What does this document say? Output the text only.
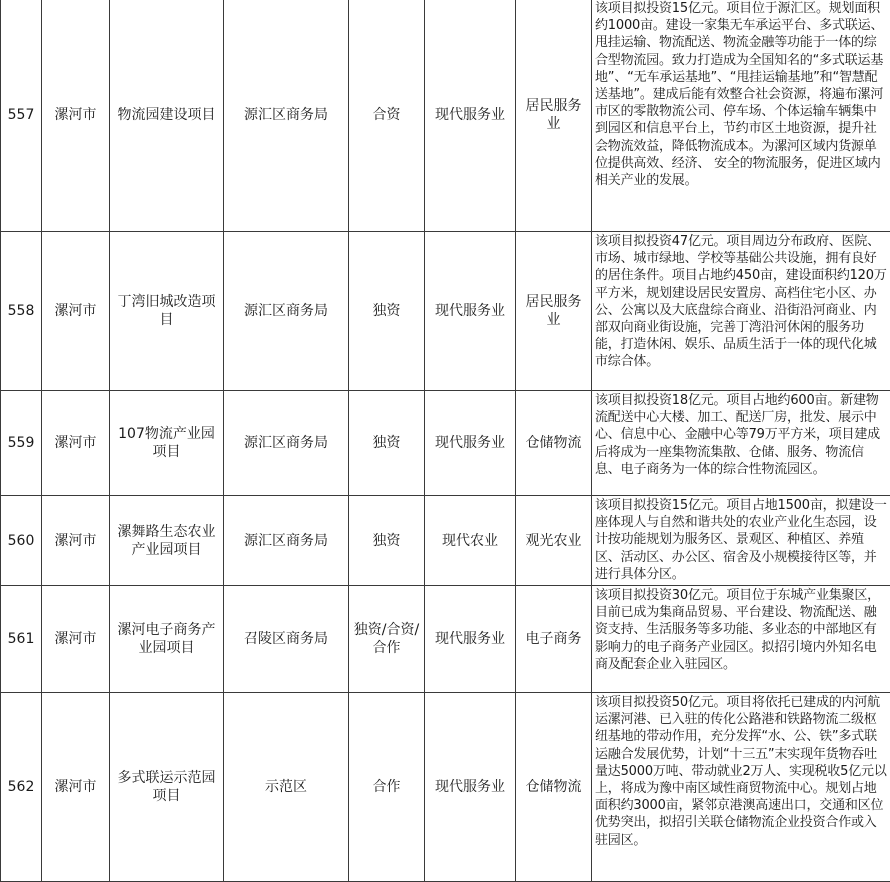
557	漯河市	物流园建设项目	源汇区商务局	合资	现代服务业	居民服务业	该项目拟投资15亿元。项目位于源汇区。规划面积约1000亩。建设一家集无车承运平台、多式联运、甩挂运输、物流配送、物流金融等功能于一体的综合型物流园。致力打造成为全国知名的“多式联运基地”、“无车承运基地”、“甩挂运输基地”和“智慧配送基地”。建成后能有效整合社会资源，将遍布漯河市区的零散物流公司、停车场、个体运输车辆集中到园区和信息平台上，节约市区土地资源，提升社会物流效益，降低物流成本。为漯河区域内货源单位提供高效、经济、 安全的物流服务，促进区域内相关产业的发展。
558	漯河市	丁湾旧城改造项目	源汇区商务局	独资	现代服务业	居民服务业	该项目拟投资47亿元。项目周边分布政府、医院、市场、城市绿地、学校等基础公共设施，拥有良好的居住条件。项目占地约450亩，建设面积约120万平方米，规划建设居民安置房、高档住宅小区、办公、公寓以及大底盘综合商业、沿街沿河商业、内部双向商业街设施，完善丁湾沿河休闲的服务功能，打造休闲、娱乐、品质生活于一体的现代化城市综合体。
559	漯河市	107物流产业园项目	源汇区商务局	独资	现代服务业	仓储物流	该项目拟投资18亿元。项目占地约600亩。新建物流配送中心大楼、加工、配送厂房，批发、展示中心、信息中心、金融中心等79万平方米，项目建成后将成为一座集物流集散、仓储、服务、物流信息、电子商务为一体的综合性物流园区。
560	漯河市	漯舞路生态农业产业园项目	源汇区商务局	独资	现代农业	观光农业	该项目拟投资15亿元。项目占地1500亩，拟建设一座体现人与自然和谐共处的农业产业化生态园，设计按功能规划为服务区、景观区、种植区、养殖区、活动区、办公区、宿舍及小规模接待区等，并进行具体分区。
561	漯河市	漯河电子商务产业园项目	召陵区商务局	独资/合资/合作	现代服务业	电子商务	该项目拟投资30亿元。项目位于东城产业集聚区，目前已成为集商品贸易、平台建设、物流配送、融资支持、生活服务等多功能、多业态的中部地区有影响力的电子商务产业园区。拟招引境内外知名电商及配套企业入驻园区。
562	漯河市	多式联运示范园项目	示范区	合作	现代服务业	仓储物流	该项目拟投资50亿元。项目将依托已建成的内河航运漯河港、已入驻的传化公路港和铁路物流二级枢纽基地的带动作用，充分发挥“水、公、铁”多式联运融合发展优势，计划“十三五”末实现年货物吞吐量达5000万吨、带动就业2万人、实现税收5亿元以上，将成为豫中南区域性商贸物流中心。规划占地面积约3000亩，紧邻京港澳高速出口，交通和区位优势突出，拟招引关联仓储物流企业投资合作或入驻园区。
